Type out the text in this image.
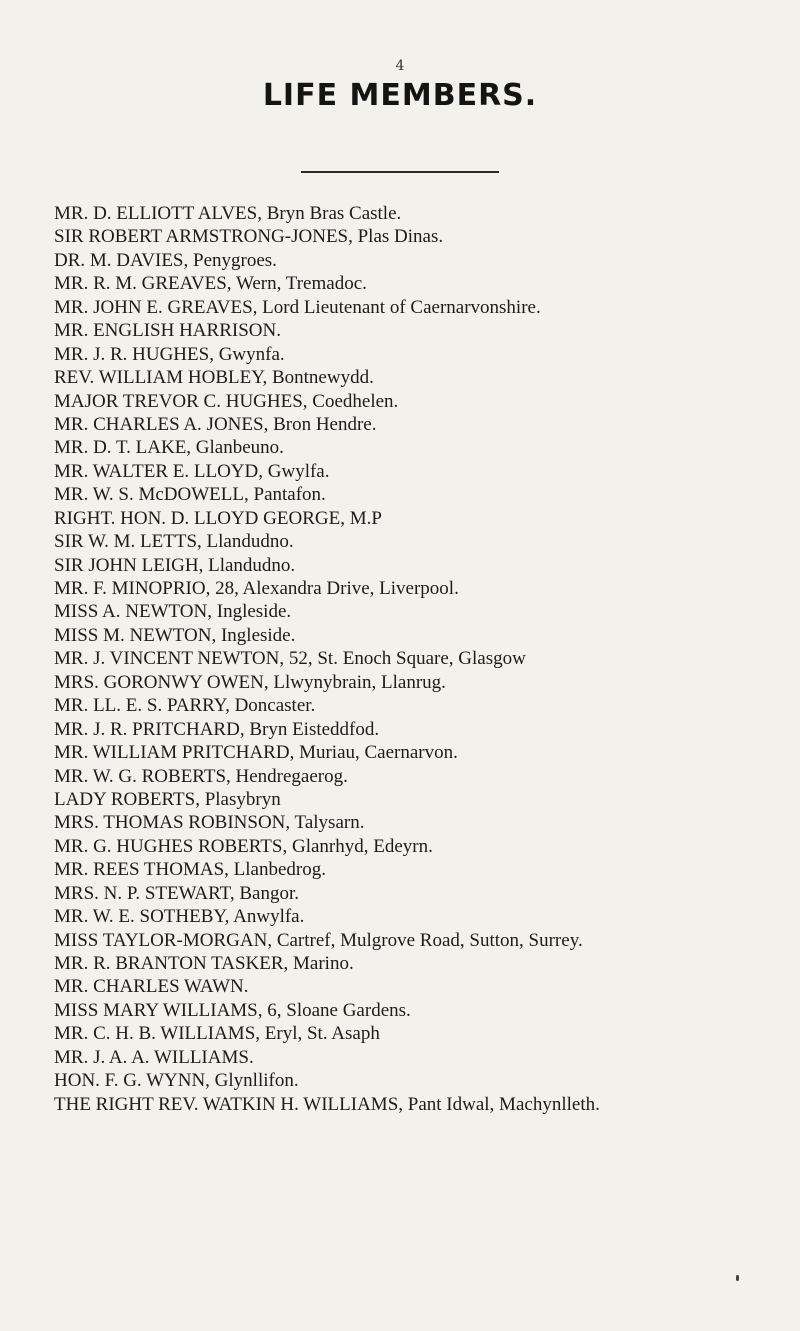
4
LIFE MEMBERS.
MR. D. ELLIOTT ALVES, Bryn Bras Castle.
SIR ROBERT ARMSTRONG-JONES, Plas Dinas.
DR. M. DAVIES, Penygroes.
MR. R. M. GREAVES, Wern, Tremadoc.
MR. JOHN E. GREAVES, Lord Lieutenant of Caernarvonshire.
MR. ENGLISH HARRISON.
MR. J. R. HUGHES, Gwynfa.
REV. WILLIAM HOBLEY, Bontnewydd.
MAJOR TREVOR C. HUGHES, Coedhelen.
MR. CHARLES A. JONES, Bron Hendre.
MR. D. T. LAKE, Glanbeuno.
MR. WALTER E. LLOYD, Gwylfa.
MR. W. S. McDOWELL, Pantafon.
RIGHT. HON. D. LLOYD GEORGE, M.P
SIR W. M. LETTS, Llandudno.
SIR JOHN LEIGH, Llandudno.
MR. F. MINOPRIO, 28, Alexandra Drive, Liverpool.
MISS A. NEWTON, Ingleside.
MISS M. NEWTON, Ingleside.
MR. J. VINCENT NEWTON, 52, St. Enoch Square, Glasgow
MRS. GORONWY OWEN, Llwynybrain, Llanrug.
MR. LL. E. S. PARRY, Doncaster.
MR. J. R. PRITCHARD, Bryn Eisteddfod.
MR. WILLIAM PRITCHARD, Muriau, Caernarvon.
MR. W. G. ROBERTS, Hendregaerog.
LADY ROBERTS, Plasybryn
MRS. THOMAS ROBINSON, Talysarn.
MR. G. HUGHES ROBERTS, Glanrhyd, Edeyrn.
MR. REES THOMAS, Llanbedrog.
MRS. N. P. STEWART, Bangor.
MR. W. E. SOTHEBY, Anwylfa.
MISS TAYLOR-MORGAN, Cartref, Mulgrove Road, Sutton, Surrey.
MR. R. BRANTON TASKER, Marino.
MR. CHARLES WAWN.
MISS MARY WILLIAMS, 6, Sloane Gardens.
MR. C. H. B. WILLIAMS, Eryl, St. Asaph
MR. J. A. A. WILLIAMS.
HON. F. G. WYNN, Glynllifon.
THE RIGHT REV. WATKIN H. WILLIAMS, Pant Idwal, Machynlleth.
